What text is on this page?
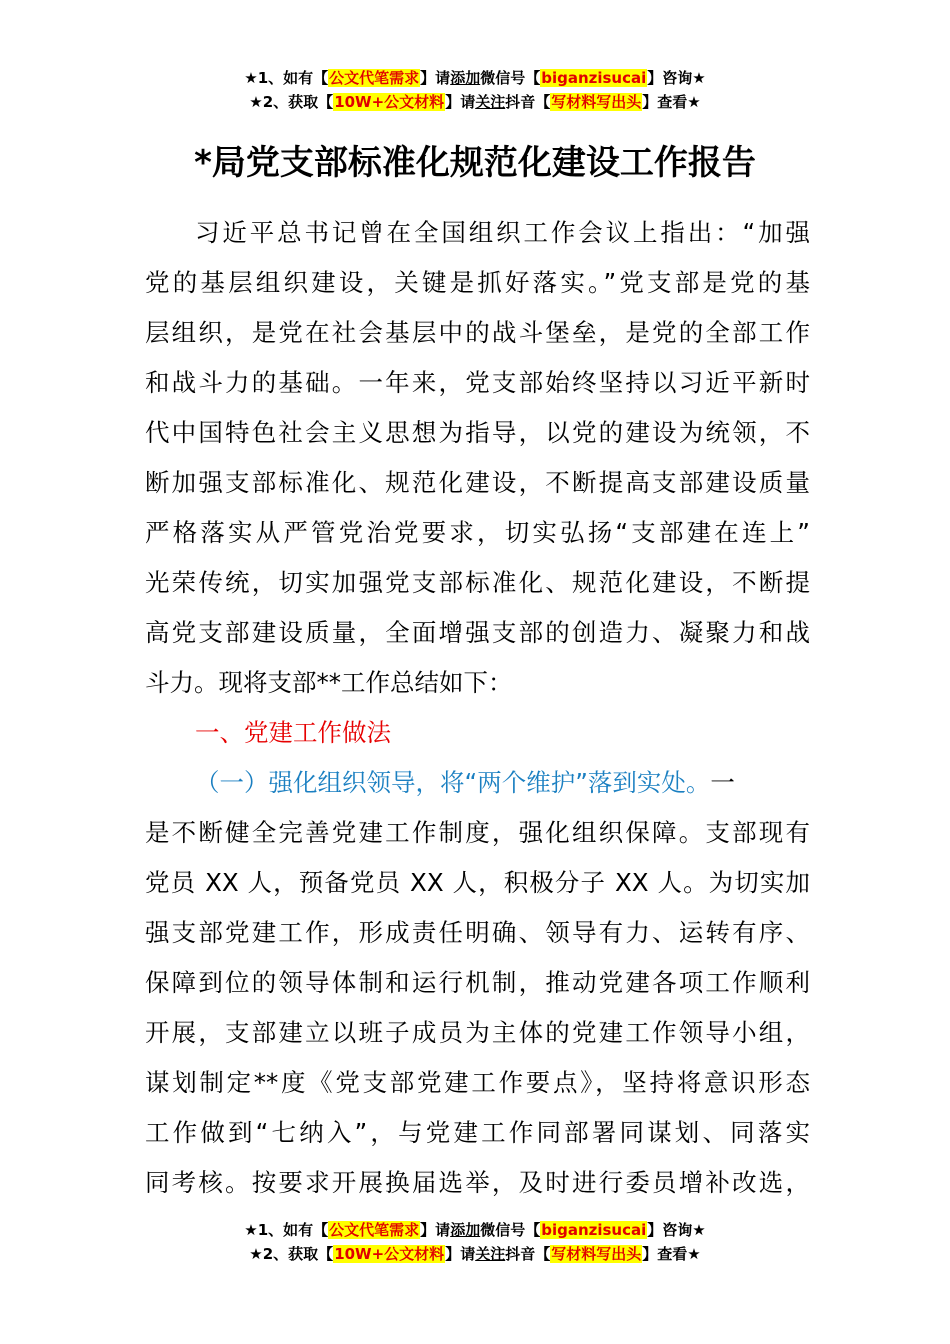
★1、如有【公文代笔需求】请添加微信号【biganzisucai】咨询★
★2、获取【10W+公文材料】请关注抖音【写材料写出头】查看★
*局党支部标准化规范化建设工作报告
习近平总书记曾在全国组织工作会议上指出：“加强
党的基层组织建设，关键是抓好落实。”党支部是党的基
层组织，是党在社会基层中的战斗堡垒，是党的全部工作
和战斗力的基础。一年来，党支部始终坚持以习近平新时
代中国特色社会主义思想为指导，以党的建设为统领，不
断加强支部标准化、规范化建设，不断提高支部建设质量
严格落实从严管党治党要求，切实弘扬“支部建在连上”
光荣传统，切实加强党支部标准化、规范化建设，不断提
高党支部建设质量，全面增强支部的创造力、凝聚力和战
斗力。现将支部**工作总结如下：
一、党建工作做法
（一）强化组织领导，将“两个维护”落到实处。一
是不断健全完善党建工作制度，强化组织保障。支部现有
党员 XX 人，预备党员 XX 人，积极分子 XX 人。为切实加
强支部党建工作，形成责任明确、领导有力、运转有序、
保障到位的领导体制和运行机制，推动党建各项工作顺利
开展，支部建立以班子成员为主体的党建工作领导小组，
谋划制定**度《党支部党建工作要点》，坚持将意识形态
工作做到“七纳入”，与党建工作同部署同谋划、同落实
同考核。按要求开展换届选举，及时进行委员增补改选，
★1、如有【公文代笔需求】请添加微信号【biganzisucai】咨询★
★2、获取【10W+公文材料】请关注抖音【写材料写出头】查看★
